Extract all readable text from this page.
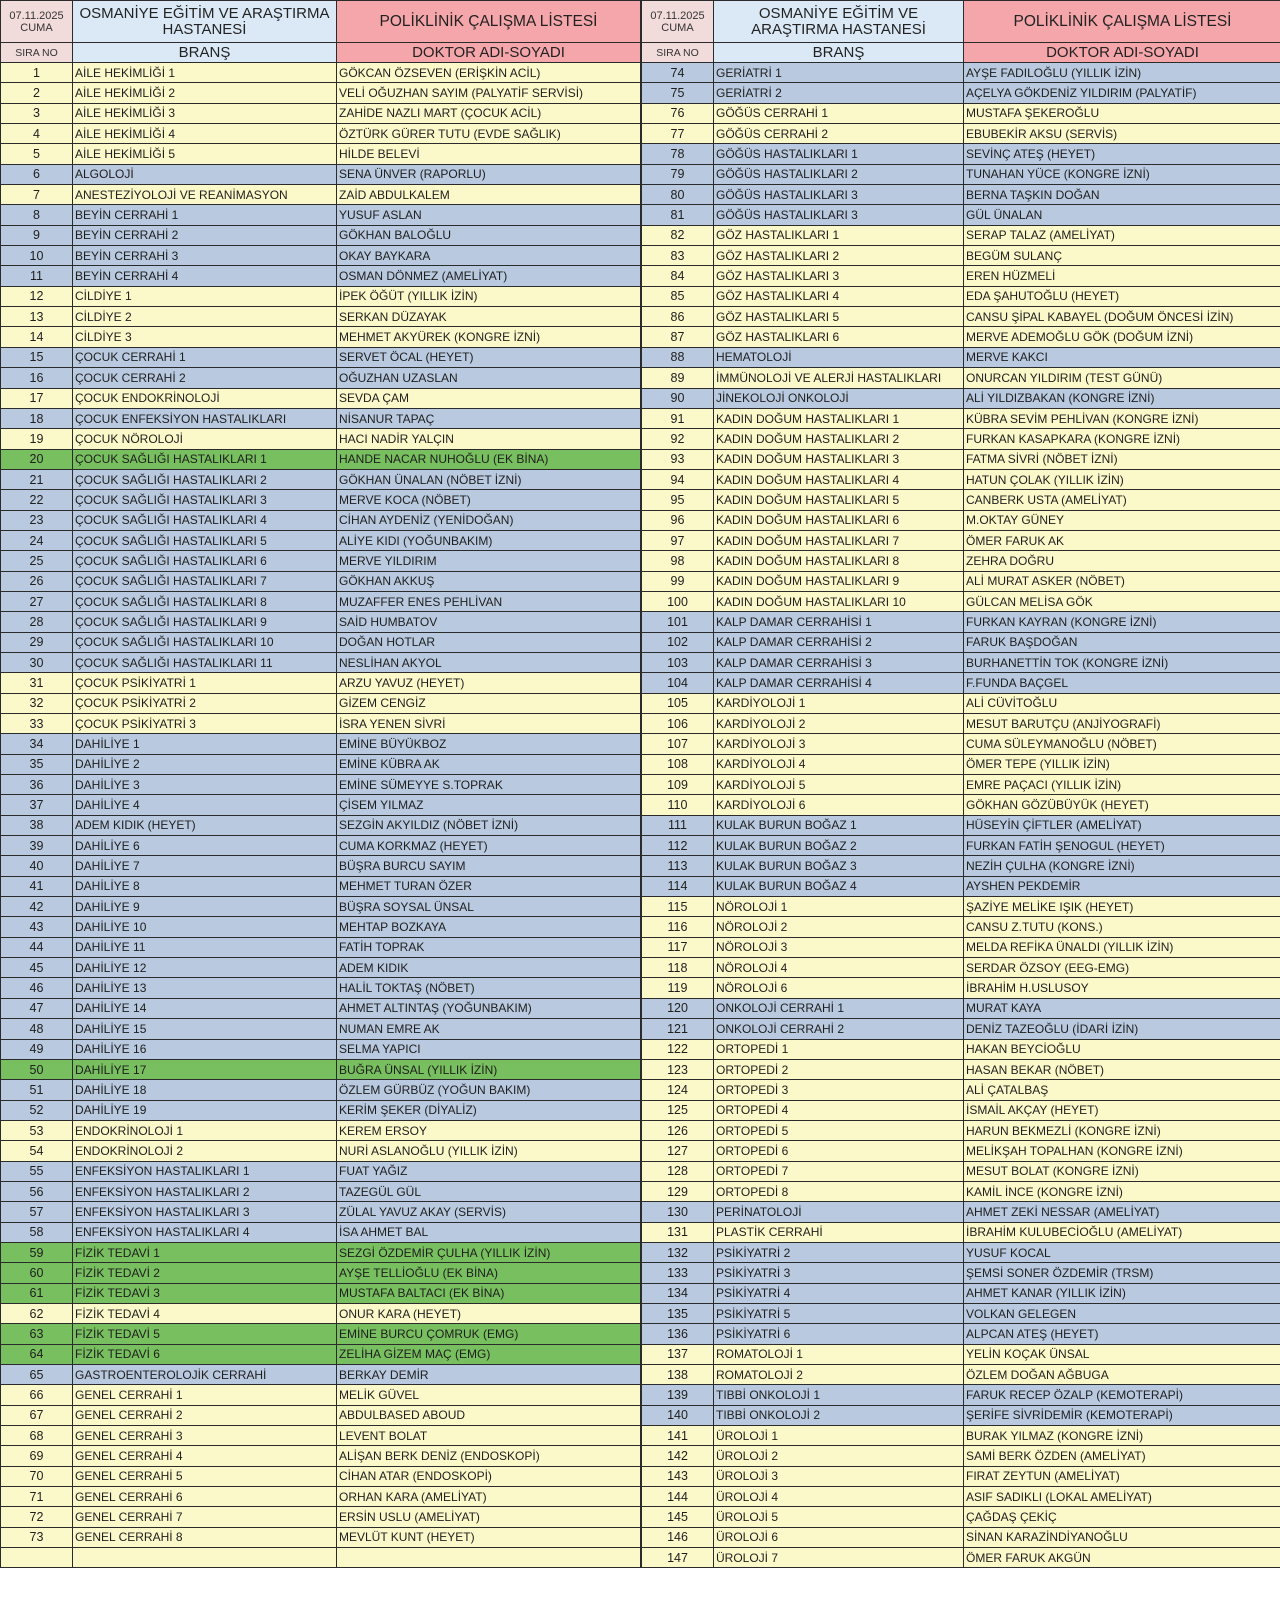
07.11.2025
CUMA	OSMANİYE EĞİTİM VE ARAŞTIRMA HASTANESİ	POLİKLİNİK ÇALIŞMA LİSTESİ
SIRA NO	BRANŞ	DOKTOR ADI-SOYADI
1	AİLE HEKİMLİĞİ 1	GÖKCAN ÖZSEVEN (ERİŞKİN ACİL)
2	AİLE HEKİMLİĞİ 2	VELİ OĞUZHAN SAYIM (PALYATİF SERVİSİ)
3	AİLE HEKİMLİĞİ 3	ZAHİDE NAZLI MART (ÇOCUK ACİL)
4	AİLE HEKİMLİĞİ 4	ÖZTÜRK GÜRER TUTU (EVDE SAĞLIK)
5	AİLE HEKİMLİĞİ 5	HİLDE BELEVİ
6	ALGOLOJİ	SENA ÜNVER (RAPORLU)
7	ANESTEZİYOLOJİ VE REANİMASYON	ZAİD ABDULKALEM
8	BEYİN CERRAHİ 1	YUSUF ASLAN
9	BEYİN CERRAHİ 2	GÖKHAN BALOĞLU
10	BEYİN CERRAHİ 3	OKAY BAYKARA
11	BEYİN CERRAHİ 4	OSMAN DÖNMEZ (AMELİYAT)
12	CİLDİYE 1	İPEK ÖĞÜT (YILLIK İZİN)
13	CİLDİYE 2	SERKAN DÜZAYAK
14	CİLDİYE 3	MEHMET AKYÜREK (KONGRE İZNİ)
15	ÇOCUK CERRAHİ 1	SERVET ÖCAL (HEYET)
16	ÇOCUK CERRAHİ 2	OĞUZHAN UZASLAN
17	ÇOCUK ENDOKRİNOLOJİ	SEVDA ÇAM
18	ÇOCUK ENFEKSİYON HASTALIKLARI	NİSANUR TAPAÇ
19	ÇOCUK NÖROLOJİ	HACI NADİR YALÇIN
20	ÇOCUK SAĞLIĞI HASTALIKLARI 1	HANDE NACAR NUHOĞLU (EK BİNA)
21	ÇOCUK SAĞLIĞI HASTALIKLARI 2	GÖKHAN ÜNALAN (NÖBET İZNİ)
22	ÇOCUK SAĞLIĞI HASTALIKLARI 3	MERVE KOCA (NÖBET)
23	ÇOCUK SAĞLIĞI HASTALIKLARI 4	CİHAN AYDENİZ (YENİDOĞAN)
24	ÇOCUK SAĞLIĞI HASTALIKLARI 5	ALİYE KIDI (YOĞUNBAKIM)
25	ÇOCUK SAĞLIĞI HASTALIKLARI 6	MERVE YILDIRIM
26	ÇOCUK SAĞLIĞI HASTALIKLARI 7	GÖKHAN AKKUŞ
27	ÇOCUK SAĞLIĞI HASTALIKLARI 8	MUZAFFER ENES PEHLİVAN
28	ÇOCUK SAĞLIĞI HASTALIKLARI 9	SAİD HUMBATOV
29	ÇOCUK SAĞLIĞI HASTALIKLARI 10	DOĞAN HOTLAR
30	ÇOCUK SAĞLIĞI HASTALIKLARI 11	NESLİHAN AKYOL
31	ÇOCUK PSİKİYATRİ 1	ARZU YAVUZ (HEYET)
32	ÇOCUK PSİKİYATRİ 2	GİZEM CENGİZ
33	ÇOCUK PSİKİYATRİ 3	İSRA YENEN SİVRİ
34	DAHİLİYE 1	EMİNE BÜYÜKBOZ
35	DAHİLİYE 2	EMİNE KÜBRA AK
36	DAHİLİYE 3	EMİNE SÜMEYYE S.TOPRAK
37	DAHİLİYE 4	ÇİSEM YILMAZ
38	ADEM KIDIK (HEYET)	SEZGİN AKYILDIZ (NÖBET İZNİ)
39	DAHİLİYE 6	CUMA KORKMAZ (HEYET)
40	DAHİLİYE 7	BÜŞRA BURCU SAYIM
41	DAHİLİYE 8	MEHMET TURAN ÖZER
42	DAHİLİYE 9	BÜŞRA SOYSAL ÜNSAL
43	DAHİLİYE 10	MEHTAP BOZKAYA
44	DAHİLİYE 11	FATİH TOPRAK
45	DAHİLİYE 12	ADEM KIDIK
46	DAHİLİYE 13	HALİL TOKTAŞ (NÖBET)
47	DAHİLİYE 14	AHMET ALTINTAŞ (YOĞUNBAKIM)
48	DAHİLİYE 15	NUMAN EMRE AK
49	DAHİLİYE 16	SELMA YAPICI
50	DAHİLİYE 17	BUĞRA ÜNSAL (YILLIK İZİN)
51	DAHİLİYE 18	ÖZLEM GÜRBÜZ (YOĞUN BAKIM)
52	DAHİLİYE 19	KERİM ŞEKER (DİYALİZ)
53	ENDOKRİNOLOJİ 1	KEREM ERSOY
54	ENDOKRİNOLOJİ 2	NURİ ASLANOĞLU (YILLIK İZİN)
55	ENFEKSİYON HASTALIKLARI 1	FUAT YAĞIZ
56	ENFEKSİYON HASTALIKLARI 2	TAZEGÜL GÜL
57	ENFEKSİYON HASTALIKLARI 3	ZÜLAL YAVUZ AKAY (SERVİS)
58	ENFEKSİYON HASTALIKLARI 4	İSA AHMET BAL
59	FİZİK TEDAVİ 1	SEZGİ ÖZDEMİR ÇULHA (YILLIK İZİN)
60	FİZİK TEDAVİ 2	AYŞE TELLİOĞLU (EK BİNA)
61	FİZİK TEDAVİ 3	MUSTAFA BALTACI (EK BİNA)
62	FİZİK TEDAVİ 4	ONUR KARA (HEYET)
63	FİZİK TEDAVİ 5	EMİNE BURCU ÇOMRUK (EMG)
64	FİZİK TEDAVİ 6	ZELİHA GİZEM MAÇ (EMG)
65	GASTROENTEROLOJİK CERRAHİ	BERKAY DEMİR
66	GENEL CERRAHİ 1	MELİK GÜVEL
67	GENEL CERRAHİ 2	ABDULBASED ABOUD
68	GENEL CERRAHİ 3	LEVENT BOLAT
69	GENEL CERRAHİ 4	ALİŞAN BERK DENİZ (ENDOSKOPİ)
70	GENEL CERRAHİ 5	CİHAN ATAR (ENDOSKOPİ)
71	GENEL CERRAHİ 6	ORHAN KARA (AMELİYAT)
72	GENEL CERRAHİ 7	ERSİN USLU (AMELİYAT)
73	GENEL CERRAHİ 8	MEVLÜT KUNT (HEYET)

07.11.2025
CUMA	OSMANİYE EĞİTİM VE ARAŞTIRMA HASTANESİ	POLİKLİNİK ÇALIŞMA LİSTESİ
SIRA NO	BRANŞ	DOKTOR ADI-SOYADI
74	GERİATRİ 1	AYŞE FADILOĞLU (YILLIK İZİN)
75	GERİATRİ 2	AÇELYA GÖKDENİZ YILDIRIM (PALYATİF)
76	GÖĞÜS CERRAHİ 1	MUSTAFA ŞEKEROĞLU
77	GÖĞÜS CERRAHİ 2	EBUBEKİR AKSU (SERVİS)
78	GÖĞÜS HASTALIKLARI 1	SEVİNÇ ATEŞ (HEYET)
79	GÖĞÜS HASTALIKLARI 2	TUNAHAN YÜCE (KONGRE İZNİ)
80	GÖĞÜS HASTALIKLARI 3	BERNA TAŞKIN DOĞAN
81	GÖĞÜS HASTALIKLARI 3	GÜL ÜNALAN
82	GÖZ HASTALIKLARI 1	SERAP TALAZ (AMELİYAT)
83	GÖZ HASTALIKLARI 2	BEGÜM SULANÇ
84	GÖZ HASTALIKLARI 3	EREN HÜZMELİ
85	GÖZ HASTALIKLARI 4	EDA ŞAHUTOĞLU (HEYET)
86	GÖZ HASTALIKLARI 5	CANSU ŞİPAL KABAYEL (DOĞUM ÖNCESİ İZİN)
87	GÖZ HASTALIKLARI 6	MERVE ADEMOĞLU GÖK (DOĞUM İZNİ)
88	HEMATOLOJİ	MERVE KAKCI
89	İMMÜNOLOJİ VE ALERJİ HASTALIKLARI	ONURCAN YILDIRIM (TEST GÜNÜ)
90	JİNEKOLOJİ ONKOLOJİ	ALİ YILDIZBAKAN (KONGRE İZNİ)
91	KADIN DOĞUM HASTALIKLARI 1	KÜBRA SEVİM PEHLİVAN (KONGRE İZNİ)
92	KADIN DOĞUM HASTALIKLARI 2	FURKAN KASAPKARA (KONGRE İZNİ)
93	KADIN DOĞUM HASTALIKLARI 3	FATMA SİVRİ (NÖBET İZNİ)
94	KADIN DOĞUM HASTALIKLARI 4	HATUN ÇOLAK (YILLIK İZİN)
95	KADIN DOĞUM HASTALIKLARI 5	CANBERK USTA (AMELİYAT)
96	KADIN DOĞUM HASTALIKLARI 6	M.OKTAY GÜNEY
97	KADIN DOĞUM HASTALIKLARI 7	ÖMER FARUK AK
98	KADIN DOĞUM HASTALIKLARI 8	ZEHRA DOĞRU
99	KADIN DOĞUM HASTALIKLARI 9	ALİ MURAT ASKER (NÖBET)
100	KADIN DOĞUM HASTALIKLARI 10	GÜLCAN MELİSA GÖK
101	KALP DAMAR CERRAHİSİ 1	FURKAN KAYRAN (KONGRE İZNİ)
102	KALP DAMAR CERRAHİSİ 2	FARUK BAŞDOĞAN
103	KALP DAMAR CERRAHİSİ 3	BURHANETTİN TOK (KONGRE İZNİ)
104	KALP DAMAR CERRAHİSİ 4	F.FUNDA BAÇGEL
105	KARDİYOLOJİ 1	ALİ CÜVİTOĞLU
106	KARDİYOLOJİ 2	MESUT BARUTÇU (ANJİYOGRAFİ)
107	KARDİYOLOJİ 3	CUMA SÜLEYMANOĞLU (NÖBET)
108	KARDİYOLOJİ 4	ÖMER TEPE (YILLIK İZİN)
109	KARDİYOLOJİ 5	EMRE PAÇACI (YILLIK İZİN)
110	KARDİYOLOJİ 6	GÖKHAN GÖZÜBÜYÜK (HEYET)
111	KULAK BURUN BOĞAZ 1	HÜSEYİN ÇİFTLER (AMELİYAT)
112	KULAK BURUN BOĞAZ 2	FURKAN FATİH ŞENOGUL (HEYET)
113	KULAK BURUN BOĞAZ 3	NEZİH ÇULHA (KONGRE İZNİ)
114	KULAK BURUN BOĞAZ 4	AYSHEN PEKDEMİR
115	NÖROLOJİ 1	ŞAZİYE MELİKE IŞIK (HEYET)
116	NÖROLOJİ 2	CANSU Z.TUTU (KONS.)
117	NÖROLOJİ 3	MELDA REFİKA ÜNALDI (YILLIK İZİN)
118	NÖROLOJİ 4	SERDAR ÖZSOY (EEG-EMG)
119	NÖROLOJİ 6	İBRAHİM H.USLUSOY
120	ONKOLOJİ CERRAHİ 1	MURAT KAYA
121	ONKOLOJİ CERRAHİ 2	DENİZ TAZEOĞLU (İDARİ İZİN)
122	ORTOPEDİ 1	HAKAN BEYCİOĞLU
123	ORTOPEDİ 2	HASAN BEKAR (NÖBET)
124	ORTOPEDİ 3	ALİ ÇATALBAŞ
125	ORTOPEDİ 4	İSMAİL AKÇAY (HEYET)
126	ORTOPEDİ 5	HARUN BEKMEZLİ (KONGRE İZNİ)
127	ORTOPEDİ 6	MELİKŞAH TOPALHAN (KONGRE İZNİ)
128	ORTOPEDİ 7	MESUT BOLAT (KONGRE İZNİ)
129	ORTOPEDİ 8	KAMİL İNCE (KONGRE İZNİ)
130	PERİNATOLOJİ	AHMET ZEKİ NESSAR (AMELİYAT)
131	PLASTİK CERRAHİ	İBRAHİM KULUBECİOĞLU (AMELİYAT)
132	PSİKİYATRİ 2	YUSUF KOCAL
133	PSİKİYATRİ 3	ŞEMSİ SONER ÖZDEMİR (TRSM)
134	PSİKİYATRİ 4	AHMET KANAR (YILLIK İZİN)
135	PSİKİYATRİ 5	VOLKAN GELEGEN
136	PSİKİYATRİ 6	ALPCAN ATEŞ (HEYET)
137	ROMATOLOJİ 1	YELİN KOÇAK ÜNSAL
138	ROMATOLOJİ 2	ÖZLEM DOĞAN AĞBUGA
139	TIBBİ ONKOLOJİ 1	FARUK RECEP ÖZALP (KEMOTERAPİ)
140	TIBBİ ONKOLOJİ 2	ŞERİFE SİVRİDEMİR (KEMOTERAPİ)
141	ÜROLOJİ 1	BURAK YILMAZ (KONGRE İZNİ)
142	ÜROLOJİ 2	SAMİ BERK ÖZDEN (AMELİYAT)
143	ÜROLOJİ 3	FIRAT ZEYTUN (AMELİYAT)
144	ÜROLOJİ 4	ASIF SADIKLI (LOKAL AMELİYAT)
145	ÜROLOJİ 5	ÇAĞDAŞ ÇEKİÇ
146	ÜROLOJİ 6	SİNAN KARAZİNDİYANOĞLU
147	ÜROLOJİ 7	ÖMER FARUK AKGÜN
